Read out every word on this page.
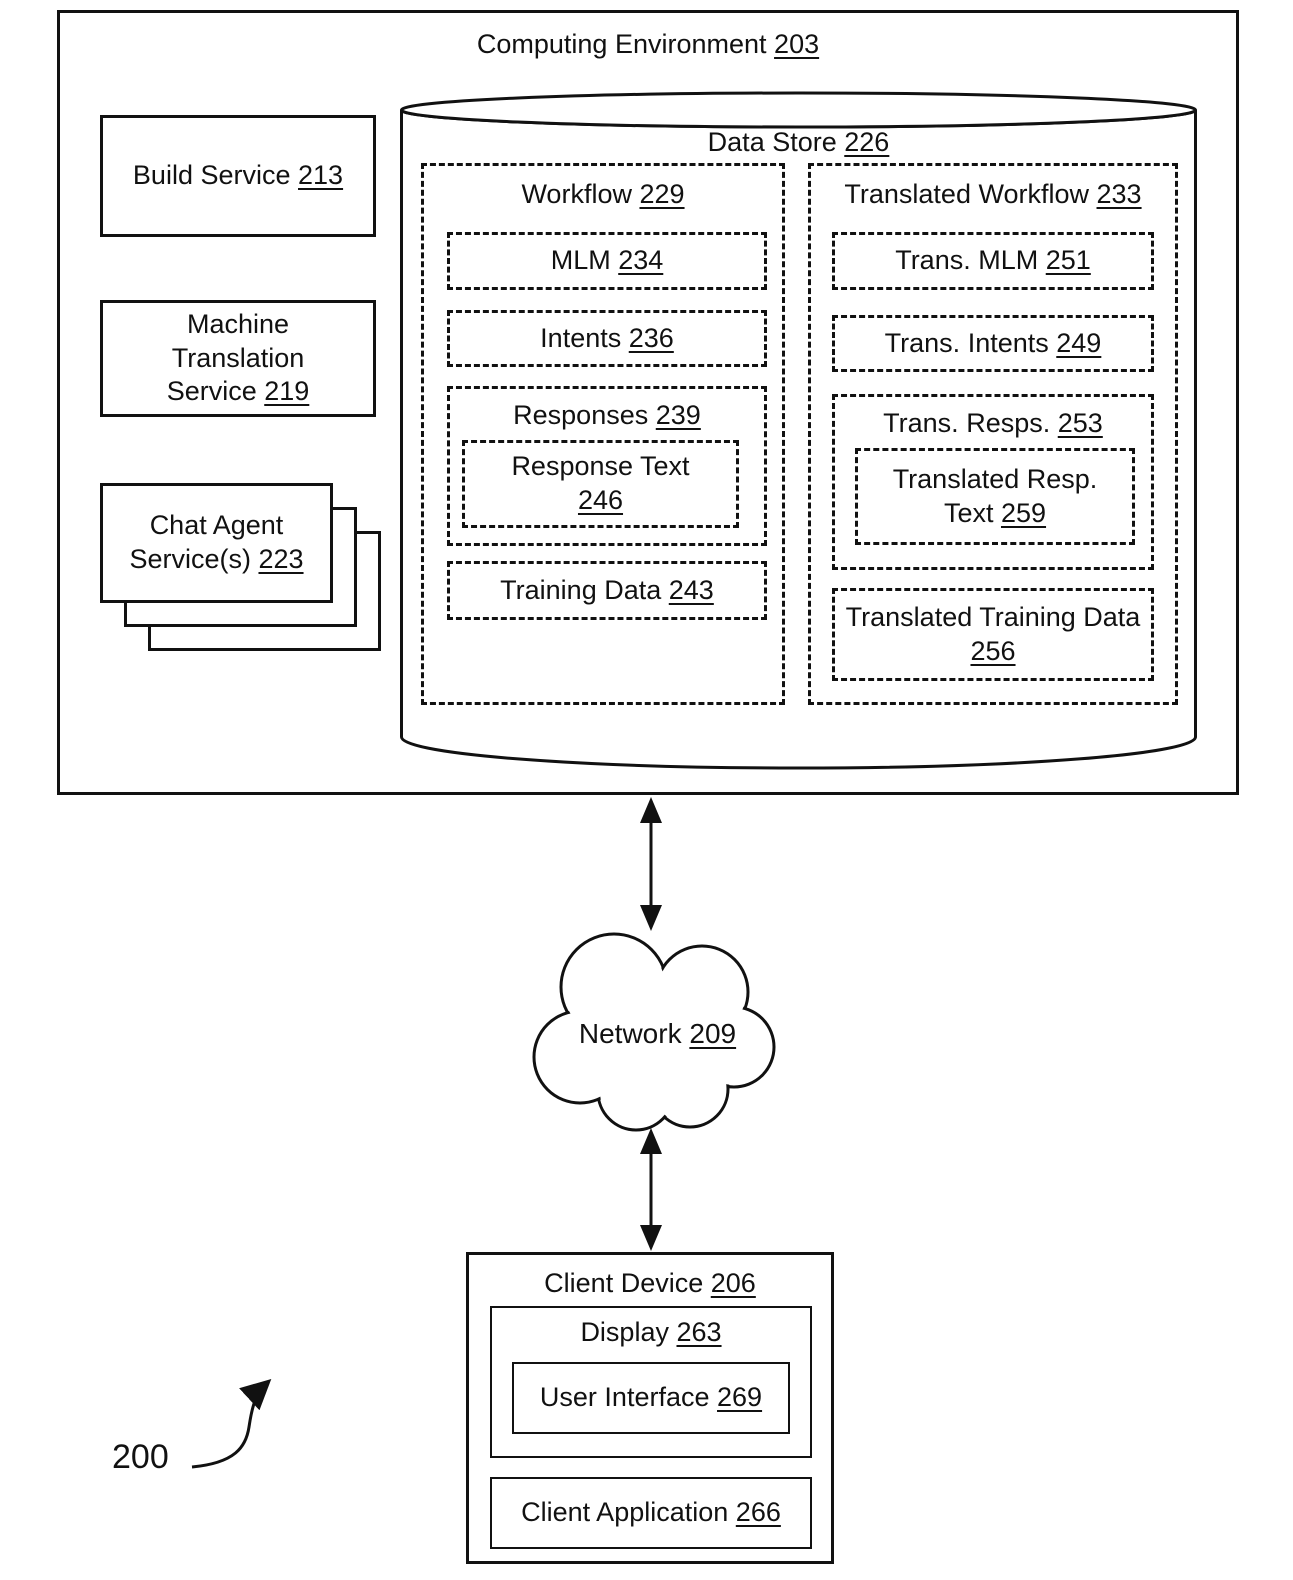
Computing Environment 203
Build Service 213
Machine Translation Service 219
Chat Agent Service(s) 223
Data Store 226
Workflow 229
MLM 234
Intents 236
Responses 239
Response Text 246
Training Data 243
Translated Workflow 233
Trans. MLM 251
Trans. Intents 249
Trans. Resps. 253
Translated Resp. Text 259
Translated Training Data 256
Network 209
Client Device 206
Display 263
User Interface 269
Client Application 266
200
